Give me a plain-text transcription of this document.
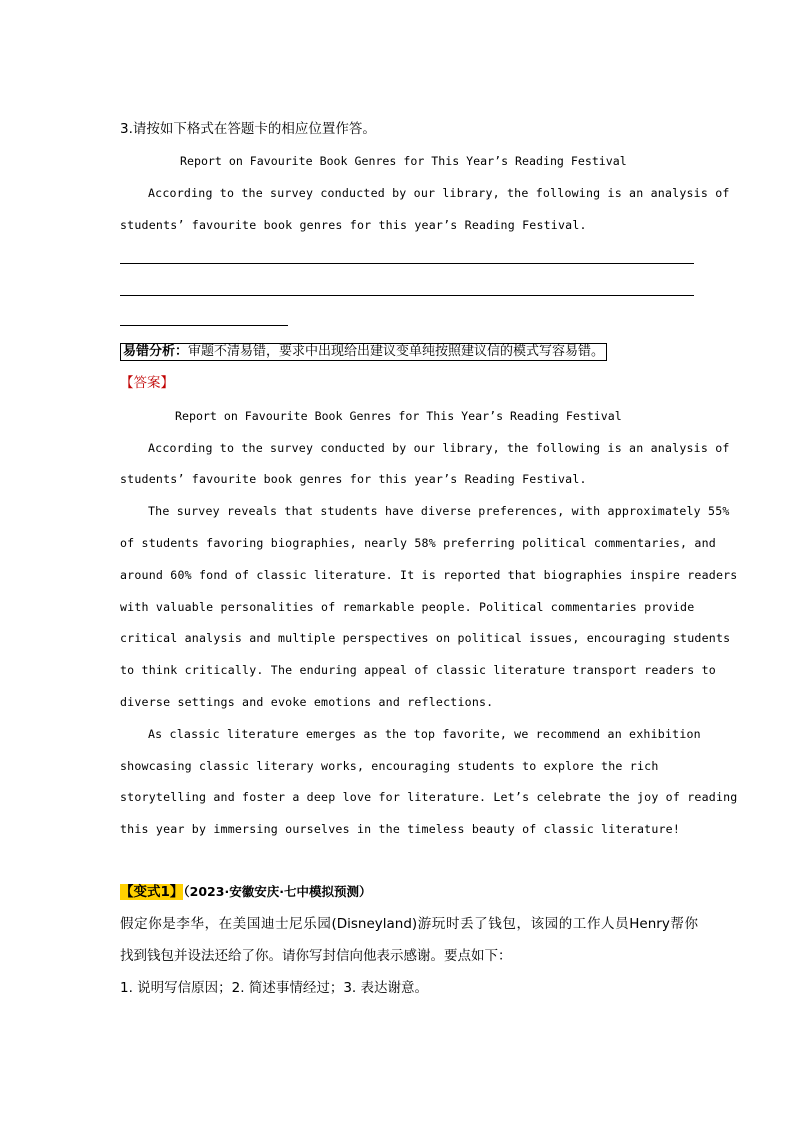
3.请按如下格式在答题卡的相应位置作答。
Report on Favourite Book Genres for This Year’s Reading Festival
According to the survey conducted by our library, the following is an analysis of
students’ favourite book genres for this year’s Reading Festival.
易错分析：审题不清易错，要求中出现给出建议变单纯按照建议信的模式写容易错。
【答案】
Report on Favourite Book Genres for This Year’s Reading Festival
According to the survey conducted by our library, the following is an analysis of
students’ favourite book genres for this year’s Reading Festival.
The survey reveals that students have diverse preferences, with approximately 55%
of students favoring biographies, nearly 58% preferring political commentaries, and
around 60% fond of classic literature. It is reported that biographies inspire readers
with valuable personalities of remarkable people. Political commentaries provide
critical analysis and multiple perspectives on political issues, encouraging students
to think critically. The enduring appeal of classic literature transport readers to
diverse settings and evoke emotions and reflections.
As classic literature emerges as the top favorite, we recommend an exhibition
showcasing classic literary works, encouraging students to explore the rich
storytelling and foster a deep love for literature. Let’s celebrate the joy of reading
this year by immersing ourselves in the timeless beauty of classic literature!
【变式1】（2023·安徽安庆·七中模拟预测）
假定你是李华，在美国迪士尼乐园(Disneyland)游玩时丢了钱包，该园的工作人员Henry帮你
找到钱包并设法还给了你。请你写封信向他表示感谢。要点如下：
1. 说明写信原因；2. 简述事情经过；3. 表达谢意。
